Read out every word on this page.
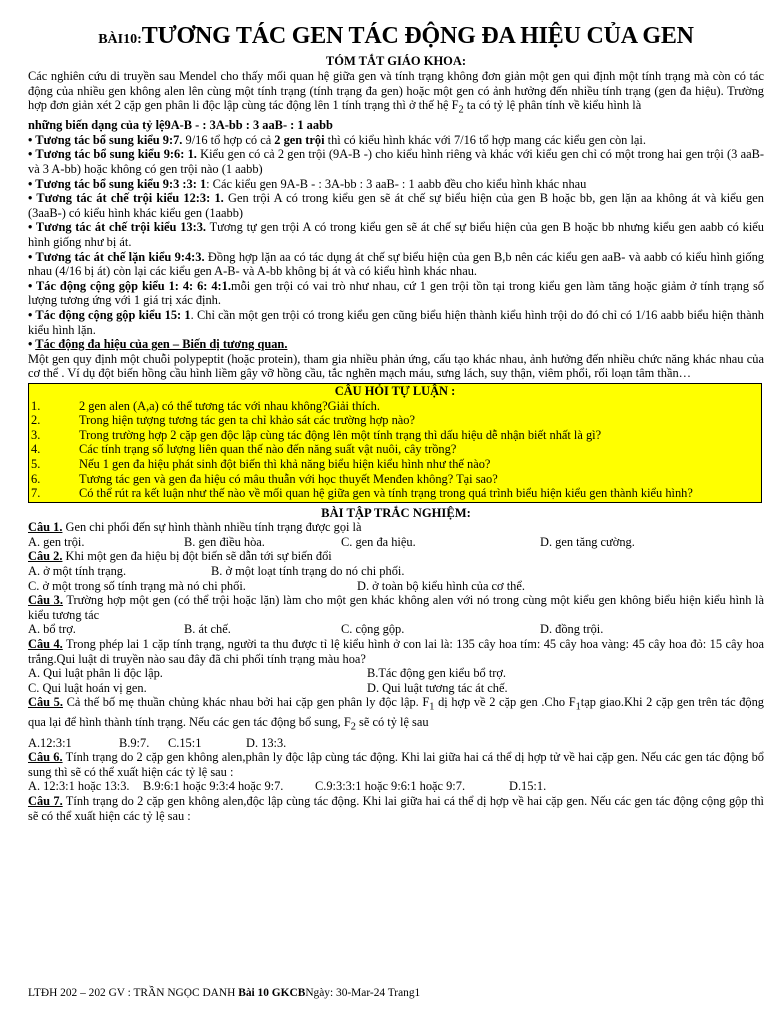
BÀI10:TƯƠNG TÁC GEN TÁC ĐỘNG ĐA HIỆU CỦA GEN
TÓM TẮT GIÁO KHOA:

Các nghiên cứu di truyền sau Mendel cho thấy mối quan hệ giữa gen và tính trạng không đơn giản một gen qui định một tính trạng mà còn có tác động của nhiều gen không alen lên cùng một tính trạng (tính trạng đa gen) hoặc một gen có ảnh hưởng đến nhiều tính trạng (gen đa hiệu). Trường hợp đơn giản xét 2 cặp gen phân li độc lập cùng tác động lên 1 tính trạng thì ở thế hệ $F_2$ ta có tỷ lệ phân tính về kiểu hình là

những biến dạng của tỷ lệ9A-B - : 3A-bb : 3 aaB- : 1 aabb

• Tương tác bổ sung kiểu 9:7. 9/16 tổ hợp có cả 2 gen trội thì có kiểu hình khác với 7/16 tổ hợp mang các kiểu gen còn lại.

• Tương tác bổ sung kiểu 9:6: 1. Kiểu gen có cả 2 gen trội (9A-B -) cho kiểu hình riêng và khác với kiểu gen chỉ có một trong hai gen trội (3 aaB- và 3 A-bb) hoặc không có gen trội nào (1 aabb)

• Tương tác bổ sung kiểu 9:3 :3: 1: Các kiểu gen 9A-B - : 3A-bb : 3 aaB- : 1 aabb đều cho kiểu hình khác nhau

• Tương tác át chế trội kiểu 12:3: 1. Gen trội A có trong kiểu gen sẽ át chế sự biểu hiện của gen B hoặc bb, gen lặn aa không át và kiểu gen (3aaB-) có kiểu hình khác kiểu gen (1aabb)

• Tương tác át chế trội kiểu 13:3. Tương tự gen trội A có trong kiểu gen sẽ át chế sự biểu hiện của gen B hoặc bb nhưng kiểu gen aabb có kiểu hình giống như bị át.

• Tương tác át chế lặn kiểu 9:4:3. Đồng hợp lặn aa có tác dụng át chế sự biểu hiện của gen B,b nên các kiểu gen aaB- và aabb có kiểu hình giống nhau (4/16 bị át) còn lại các kiểu gen A-B- và A-bb không bị át và có kiểu hình khác nhau.

• Tác động cộng gộp kiểu 1: 4: 6: 4:1.mỗi gen trội có vai trò như nhau, cứ 1 gen trội tồn tại trong kiểu gen làm tăng hoặc giảm ở tính trạng số lượng tương ứng với 1 giá trị xác định.

• Tác động cộng gộp kiểu 15: 1. Chỉ cần một gen trội có trong kiểu gen cũng biểu hiện thành kiểu hình trội do đó chỉ có 1/16 aabb biểu hiện thành kiểu hình lặn.

• Tác động đa hiệu của gen – Biến dị tương quan.

Một gen quy định một chuỗi polypeptit (hoặc protein), tham gia nhiều phản ứng, cấu tạo khác nhau, ảnh hưởng đến nhiều chức năng khác nhau của cơ thể . Ví dụ đột biến hồng cầu hình liềm gây vỡ hồng cầu, tắc nghẽn mạch máu, sưng lách, suy thận, viêm phổi, rối loạn tâm thần…

CÂU HỎI TỰ LUẬN :
1.	2 gen alen (A,a) có thể tương tác với nhau không?Giải thích.
2.	Trong hiện tượng tương tác gen ta chỉ khảo sát các trường hợp nào?
3.	Trong trường hợp 2 cặp gen độc lập cùng tác động lên một tính trạng thì dấu hiệu dễ nhận biết nhất là gì?
4.	Các tính trạng số lượng liên quan thế nào đến năng suất vật nuôi, cây trồng?
5.	Nếu 1 gen đa hiệu phát sinh đột biến thì khả năng biểu hiện kiểu hình như thế nào?
6.	Tương tác gen và gen đa hiệu có mâu thuẫn với học thuyết Menđen không? Tại sao?

7.	Có thể rút ra kết luận như thế nào về mối quan hệ giữa gen và tính trạng trong quá trình biểu hiện kiểu gen thành kiểu hình?

BÀI TẬP TRẮC NGHIỆM:

Câu 1. Gen chi phối đến sự hình thành nhiều tính trạng được gọi là

A. gen trội.	B. gen điều hòa.	C. gen đa hiệu.	D. gen tăng cường.

Câu 2. Khi một gen đa hiệu bị đột biến sẽ dẫn tới sự biến đổi

A. ở một tính trạng.	B. ở một loạt tính trạng do nó chi phối.
C. ở một trong số tính trạng mà nó chi phối.	D. ở toàn bộ kiểu hình của cơ thể.

Câu 3. Trường hợp một gen (có thể trội hoặc lặn) làm cho một gen khác không alen với nó trong cùng một kiểu gen không biểu hiện kiểu hình là kiểu tương tác

A. bổ trợ.	B. át chế.	C. cộng gộp.	D. đồng trội.

Câu 4. Trong phép lai 1 cặp tính trạng, người ta thu được tỉ lệ kiểu hình ở con lai là: 135 cây hoa tím: 45 cây hoa vàng: 45 cây hoa đỏ: 15 cây hoa trắng.Qui luật di truyền nào sau đây đã chi phối tính trạng màu hoa?

A. Qui luật phân li độc lập.	B.Tác động gen kiểu bổ trợ.
C. Qui luật hoán vị gen.	D. Qui luật tương tác át chế.

Câu 5. Cả thế bố mẹ thuần chủng khác nhau bởi hai cặp gen phân ly độc lập. $F_1$ dị hợp về 2 cặp gen .Cho $F_1tạp$ giao.Khi 2 cặp gen trên tác động qua lại để hình thành tính trạng. Nếu các gen tác động bổ sung, $F_2$ sẽ có tỷ lệ sau

A.12:3:1	B.9:7.	C.15:1	D. 13:3.

Câu 6. Tính trạng do 2 cặp gen không alen,phân ly độc lập cùng tác động. Khi lai giữa hai cá thể dị hợp tử về hai cặp gen. Nếu các gen tác động bổ sung thì sẽ có thể xuất hiện các tỷ lệ sau :

A. 12:3:1 hoặc 13:3.	B.9:6:1 hoặc 9:3:4 hoặc 9:7.	C.9:3:3:1 hoặc 9:6:1 hoặc 9:7.	D.15:1.

Câu 7. Tính trạng do 2 cặp gen không alen,độc lập cùng tác động. Khi lai giữa hai cá thể dị hợp về hai cặp gen. Nếu các gen tác động cộng gộp thì sẽ có thể xuất hiện các tỷ lệ sau :

LTĐH 202 – 202 GV : TRẦN NGỌC DANH Bài 10 GKCBNgày: 30-Mar-24 Trang1
